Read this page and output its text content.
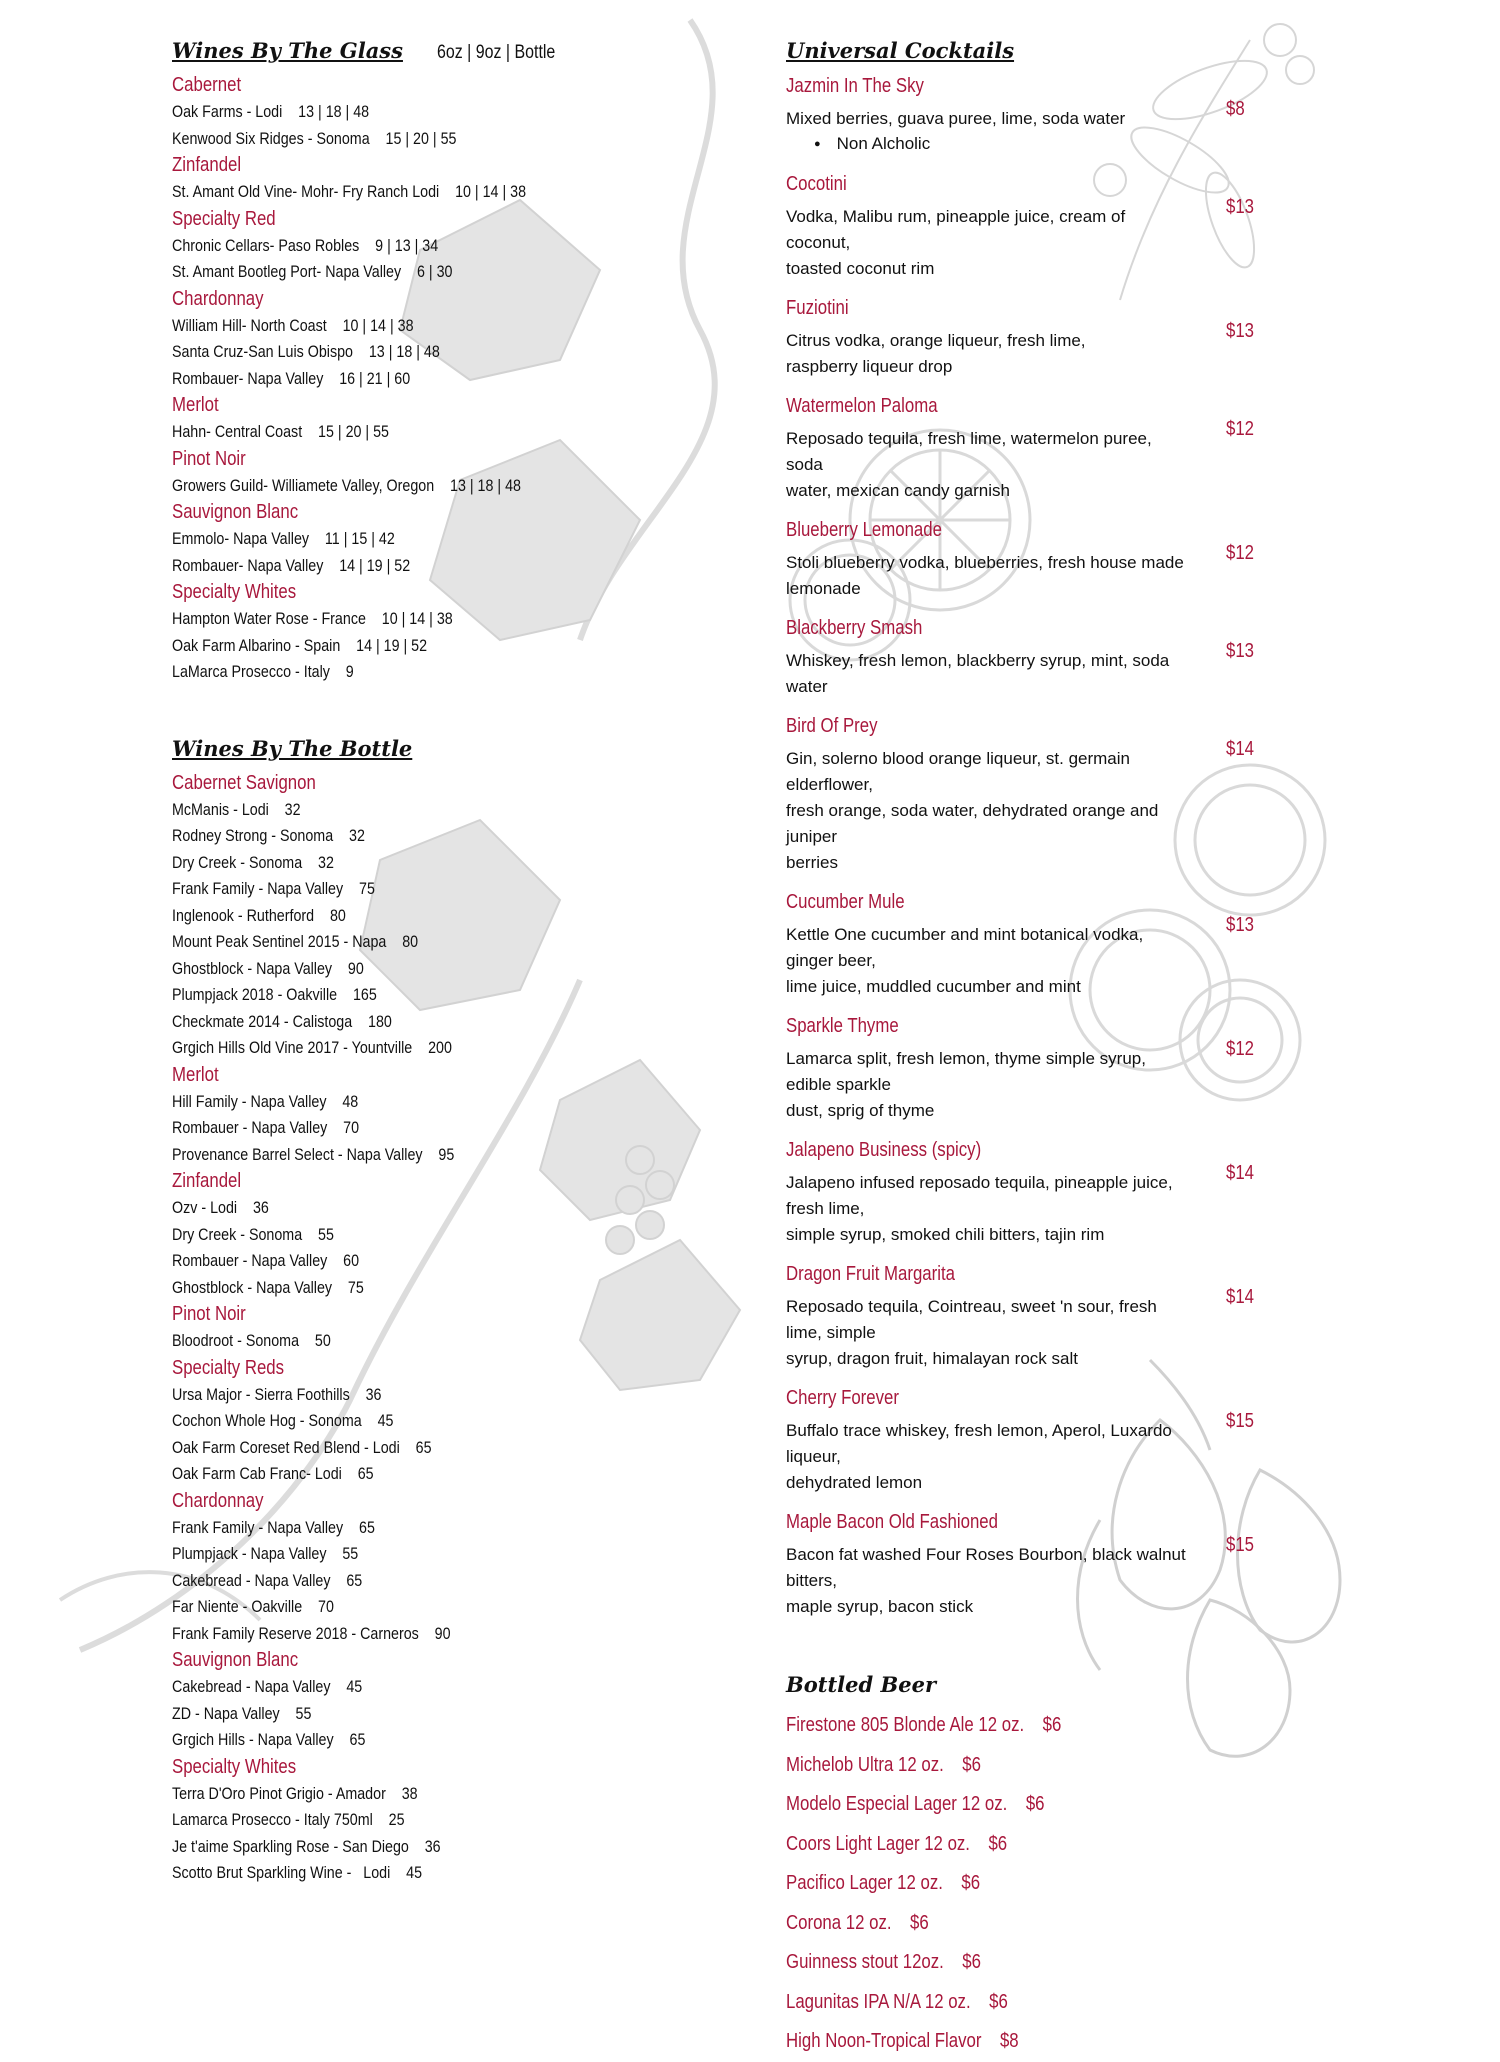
Wines By The Glass 6oz | 9oz | Bottle
Cabernet
Oak Farms - Lodi    13 | 18 | 48
Kenwood Six Ridges - Sonoma    15 | 20 | 55
Zinfandel
St. Amant Old Vine- Mohr- Fry Ranch Lodi    10 | 14 | 38
Specialty Red
Chronic Cellars- Paso Robles    9 | 13 | 34
St. Amant Bootleg Port- Napa Valley    6 | 30
Chardonnay
William Hill- North Coast    10 | 14 | 38
Santa Cruz-San Luis Obispo    13 | 18 | 48
Rombauer- Napa Valley    16 | 21 | 60
Merlot
Hahn- Central Coast    15 | 20 | 55
Pinot Noir
Growers Guild- Williamete Valley, Oregon    13 | 18 | 48
Sauvignon Blanc
Emmolo- Napa Valley    11 | 15 | 42
Rombauer- Napa Valley    14 | 19 | 52
Specialty Whites
Hampton Water Rose - France    10 | 14 | 38
Oak Farm Albarino - Spain    14 | 19 | 52
LaMarca Prosecco - Italy    9
Wines By The Bottle
Cabernet Savignon
McManis - Lodi    32
Rodney Strong - Sonoma    32
Dry Creek - Sonoma    32
Frank Family - Napa Valley    75
Inglenook - Rutherford    80
Mount Peak Sentinel 2015 - Napa    80
Ghostblock - Napa Valley    90
Plumpjack 2018 - Oakville    165
Checkmate 2014 - Calistoga    180
Grgich Hills Old Vine 2017 - Yountville    200
Merlot
Hill Family - Napa Valley    48
Rombauer - Napa Valley    70
Provenance Barrel Select - Napa Valley    95
Zinfandel
Ozv - Lodi    36
Dry Creek - Sonoma    55
Rombauer - Napa Valley    60
Ghostblock - Napa Valley    75
Pinot Noir
Bloodroot - Sonoma    50
Specialty Reds
Ursa Major - Sierra Foothills    36
Cochon Whole Hog - Sonoma    45
Oak Farm Coreset Red Blend - Lodi    65
Oak Farm Cab Franc- Lodi    65
Chardonnay
Frank Family - Napa Valley    65
Plumpjack - Napa Valley    55
Cakebread - Napa Valley    65
Far Niente - Oakville    70
Frank Family Reserve 2018 - Carneros    90
Sauvignon Blanc
Cakebread - Napa Valley    45
ZD - Napa Valley    55
Grgich Hills - Napa Valley    65
Specialty Whites
Terra D'Oro Pinot Grigio - Amador    38
Lamarca Prosecco - Italy 750ml    25
Je t'aime Sparkling Rose - San Diego    36
Scotto Brut Sparkling Wine -   Lodi    45
Universal Cocktails
Jazmin In The Sky
Mixed berries, guava puree, lime, soda water
● Non Alcholic
$8
Cocotini
Vodka, Malibu rum, pineapple juice, cream of coconut,
toasted coconut rim
$13
Fuziotini
Citrus vodka, orange liqueur, fresh lime,
raspberry liqueur drop
$13
Watermelon Paloma
Reposado tequila, fresh lime, watermelon puree, soda
water, mexican candy garnish
$12
Blueberry Lemonade
Stoli blueberry vodka, blueberries, fresh house made
lemonade
$12
Blackberry Smash
Whiskey, fresh lemon, blackberry syrup, mint, soda water
$13
Bird Of Prey
Gin, solerno blood orange liqueur, st. germain elderflower,
fresh orange, soda water, dehydrated orange and juniper
berries
$14
Cucumber Mule
Kettle One cucumber and mint botanical vodka, ginger beer,
lime juice, muddled cucumber and mint
$13
Sparkle Thyme
Lamarca split, fresh lemon, thyme simple syrup, edible sparkle
dust, sprig of thyme
$12
Jalapeno Business (spicy)
Jalapeno infused reposado tequila, pineapple juice, fresh lime,
simple syrup, smoked chili bitters, tajin rim
$14
Dragon Fruit Margarita
Reposado tequila, Cointreau, sweet 'n sour, fresh lime, simple
syrup, dragon fruit, himalayan rock salt
$14
Cherry Forever
Buffalo trace whiskey, fresh lemon, Aperol, Luxardo liqueur,
dehydrated lemon
$15
Maple Bacon Old Fashioned
Bacon fat washed Four Roses Bourbon, black walnut bitters,
maple syrup, bacon stick
$15
Bottled Beer
Firestone 805 Blonde Ale 12 oz. $6
Michelob Ultra 12 oz. $6
Modelo Especial Lager 12 oz. $6
Coors Light Lager 12 oz. $6
Pacifico Lager 12 oz. $6
Corona 12 oz. $6
Guinness stout 12oz. $6
Lagunitas IPA N/A 12 oz. $6
High Noon-Tropical Flavor $8
